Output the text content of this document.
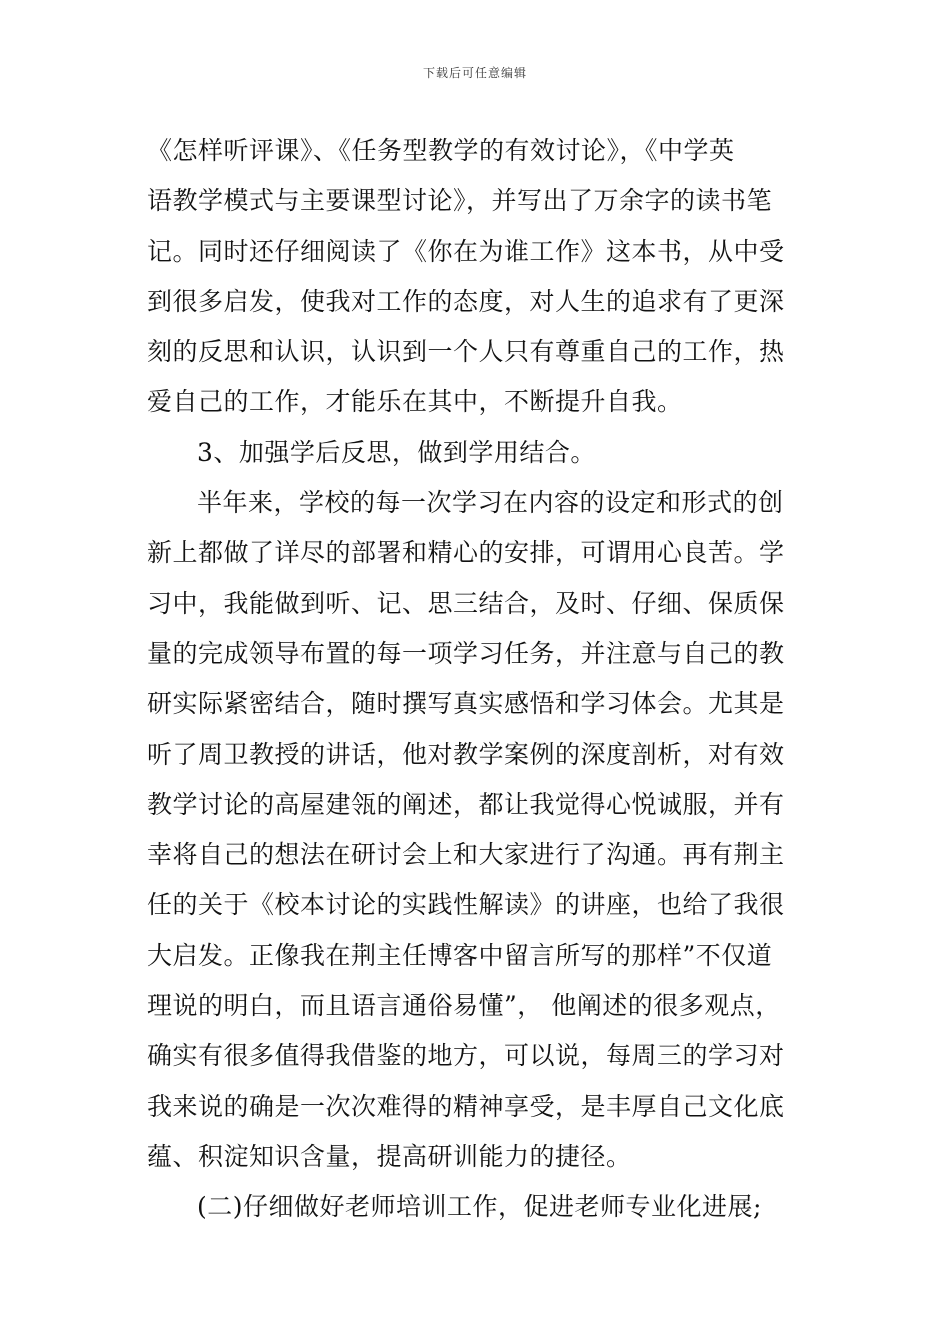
下载后可任意编辑
《怎样听评课》、《任务型教学的有效讨论》，《中学英
语教学模式与主要课型讨论》，并写出了万余字的读书笔
记。同时还仔细阅读了《你在为谁工作》这本书，从中受
到很多启发，使我对工作的态度，对人生的追求有了更深
刻的反思和认识，认识到一个人只有尊重自己的工作，热
爱自己的工作，才能乐在其中，不断提升自我。
3、加强学后反思，做到学用结合。
半年来，学校的每一次学习在内容的设定和形式的创
新上都做了详尽的部署和精心的安排，可谓用心良苦。学
习中，我能做到听、记、思三结合，及时、仔细、保质保
量的完成领导布置的每一项学习任务，并注意与自己的教
研实际紧密结合，随时撰写真实感悟和学习体会。尤其是
听了周卫教授的讲话，他对教学案例的深度剖析，对有效
教学讨论的高屋建瓴的阐述，都让我觉得心悦诚服，并有
幸将自己的想法在研讨会上和大家进行了沟通。再有荆主
任的关于《校本讨论的实践性解读》的讲座，也给了我很
大启发。正像我在荆主任博客中留言所写的那样”不仅道
理说的明白，而且语言通俗易懂”， 他阐述的很多观点，
确实有很多值得我借鉴的地方，可以说，每周三的学习对
我来说的确是一次次难得的精神享受，是丰厚自己文化底
蕴、积淀知识含量，提高研训能力的捷径。
(二)仔细做好老师培训工作，促进老师专业化进展;
